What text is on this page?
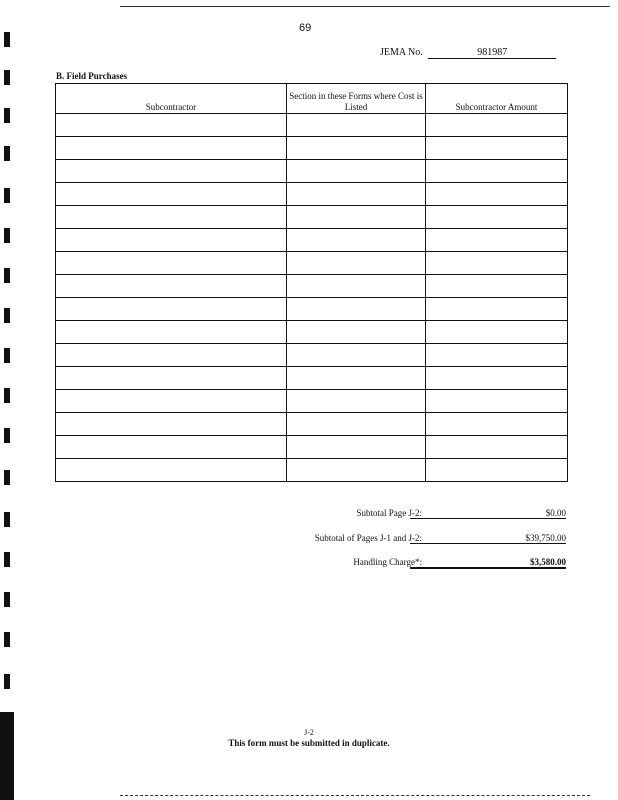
69
JEMA No.	981987
B. Field Purchases
Subcontractor	Section in these Forms where Cost is Listed	Subcontractor Amount

Subtotal Page J-2:	$0.00
Subtotal of Pages J-1 and J-2:	$39,750.00
Handling Charge*:	$3,580.00
J-2
This form must be submitted in duplicate.
